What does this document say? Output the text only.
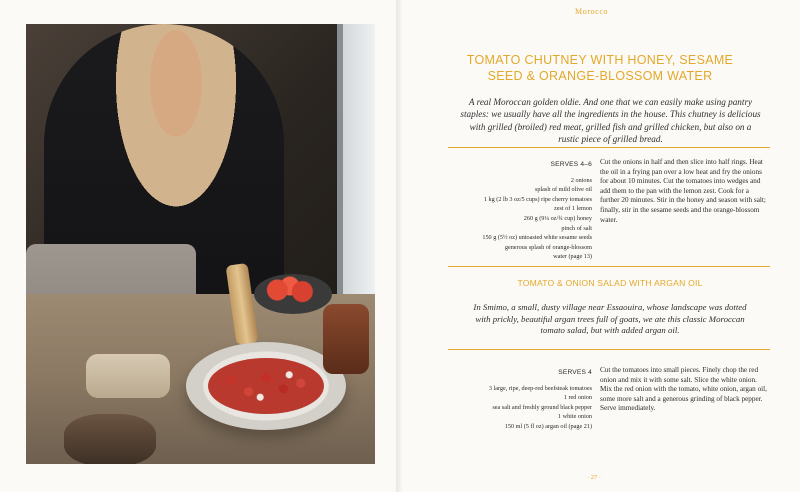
Morocco
TOMATO CHUTNEY WITH HONEY, SESAME SEED & ORANGE-BLOSSOM WATER
A real Moroccan golden oldie. And one that we can easily make using pantry staples: we usually have all the ingredients in the house. This chutney is delicious with grilled (broiled) red meat, grilled fish and grilled chicken, but also on a rustic piece of grilled bread.
SERVES 4–6
2 onions
splash of mild olive oil
1 kg (2 lb 3 oz/5 cups) ripe cherry tomatoes
zest of 1 lemon
260 g (9¼ oz/¾ cup) honey
pinch of salt
150 g (5½ oz) untoasted white sesame seeds
generous splash of orange-blossom
water (page 13)
Cut the onions in half and then slice into half rings. Heat the oil in a frying pan over a low heat and fry the onions for about 10 minutes. Cut the tomatoes into wedges and add them to the pan with the lemon zest. Cook for a further 20 minutes. Stir in the honey and season with salt; finally, stir in the sesame seeds and the orange-blossom water.
TOMATO & ONION SALAD WITH ARGAN OIL
In Smimo, a small, dusty village near Essaouira, whose landscape was dotted with prickly, beautiful argan trees full of goats, we ate this classic Moroccan tomato salad, but with added argan oil.
SERVES 4
3 large, ripe, deep-red beefsteak tomatoes
1 red onion
sea salt and freshly ground black pepper
1 white onion
150 ml (5 fl oz) argan oil (page 21)
Cut the tomatoes into small pieces. Finely chop the red onion and mix it with some salt. Slice the white onion. Mix the red onion with the tomato, white onion, argan oil, some more salt and a generous grinding of black pepper. Serve immediately.
· 27 ·
